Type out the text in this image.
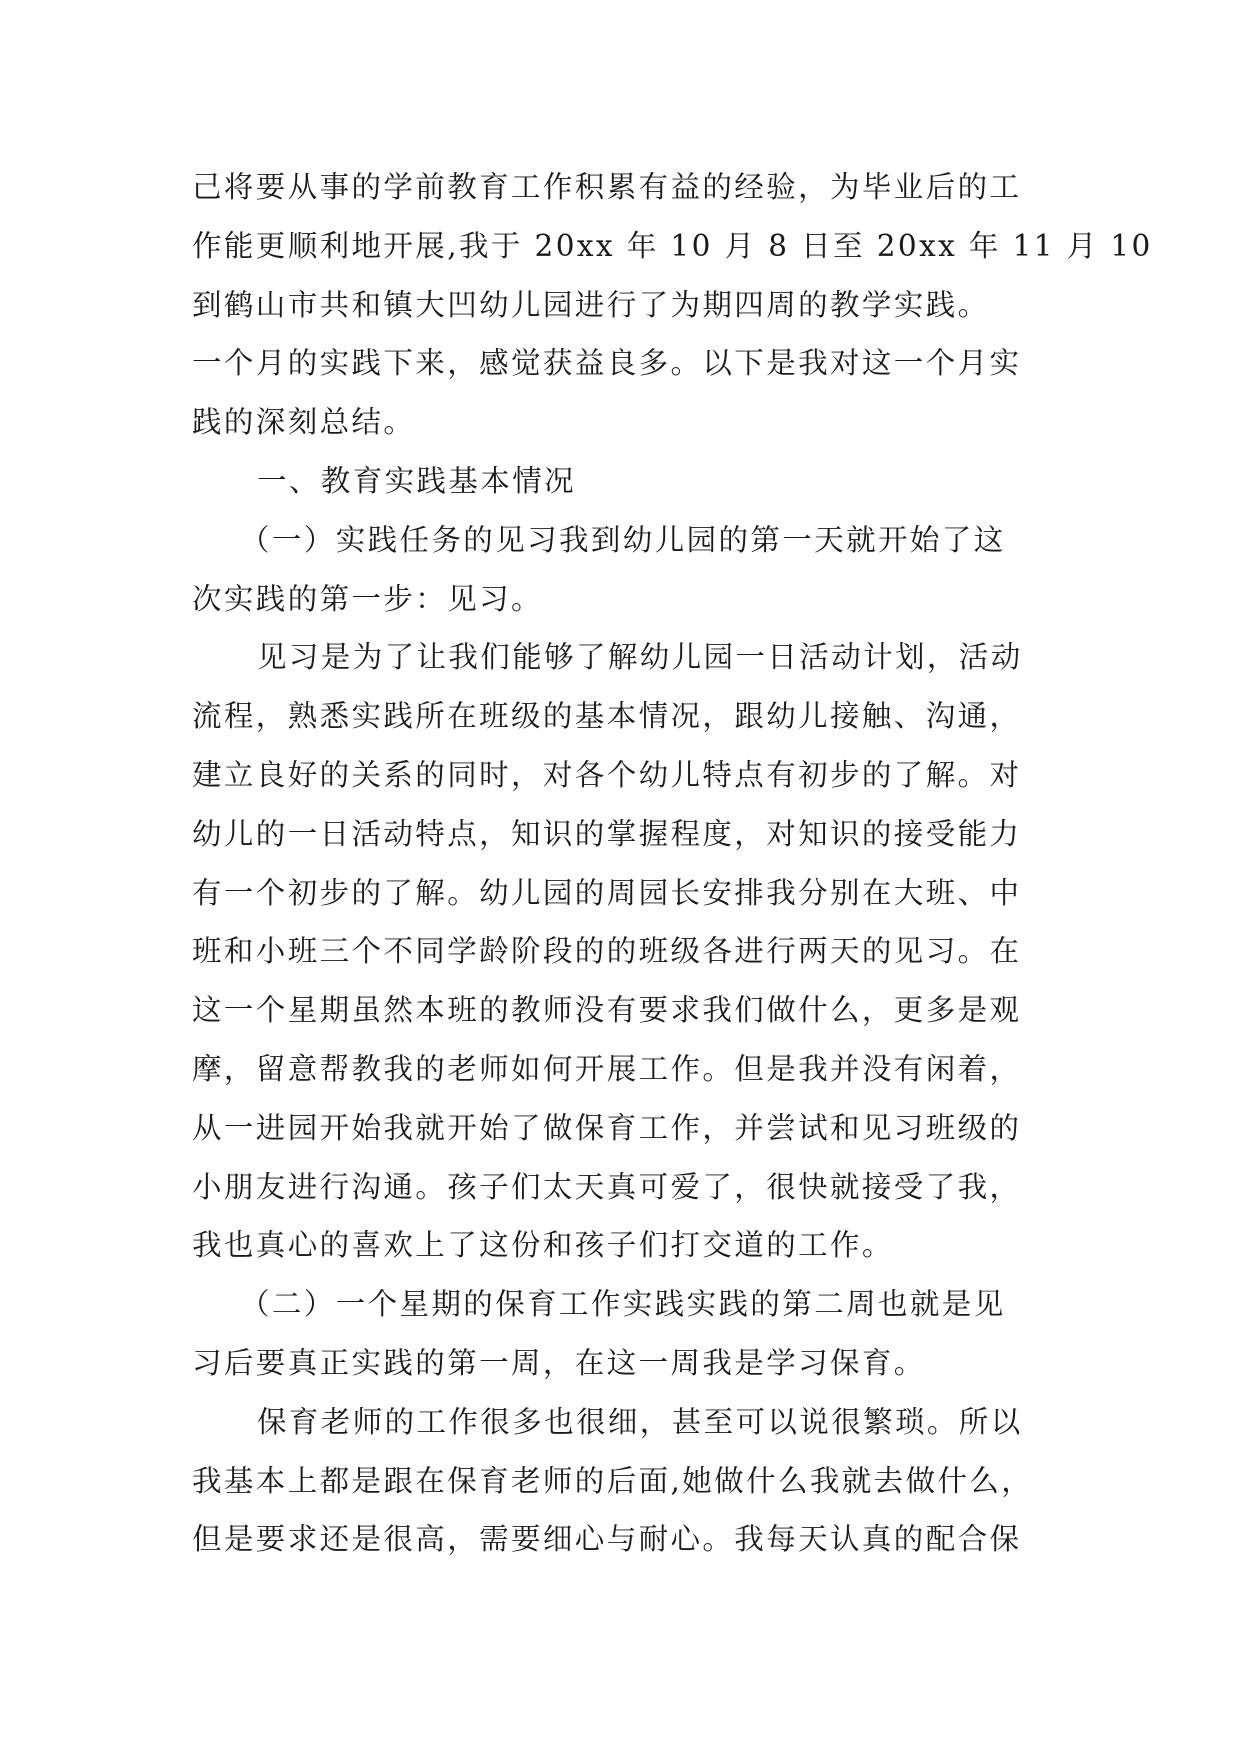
己将要从事的学前教育工作积累有益的经验，为毕业后的工
作能更顺利地开展,我于 20xx 年 10 月 8 日至 20xx 年 11 月 10
到鹤山市共和镇大凹幼儿园进行了为期四周的教学实践。
一个月的实践下来，感觉获益良多。以下是我对这一个月实
践的深刻总结。
一、教育实践基本情况
（一）实践任务的见习我到幼儿园的第一天就开始了这
次实践的第一步：见习。
见习是为了让我们能够了解幼儿园一日活动计划，活动
流程，熟悉实践所在班级的基本情况，跟幼儿接触、沟通，
建立良好的关系的同时，对各个幼儿特点有初步的了解。对
幼儿的一日活动特点，知识的掌握程度，对知识的接受能力
有一个初步的了解。幼儿园的周园长安排我分别在大班、中
班和小班三个不同学龄阶段的的班级各进行两天的见习。在
这一个星期虽然本班的教师没有要求我们做什么，更多是观
摩，留意帮教我的老师如何开展工作。但是我并没有闲着，
从一进园开始我就开始了做保育工作，并尝试和见习班级的
小朋友进行沟通。孩子们太天真可爱了，很快就接受了我，
我也真心的喜欢上了这份和孩子们打交道的工作。
（二）一个星期的保育工作实践实践的第二周也就是见
习后要真正实践的第一周，在这一周我是学习保育。
保育老师的工作很多也很细，甚至可以说很繁琐。所以
我基本上都是跟在保育老师的后面,她做什么我就去做什么，
但是要求还是很高，需要细心与耐心。我每天认真的配合保
